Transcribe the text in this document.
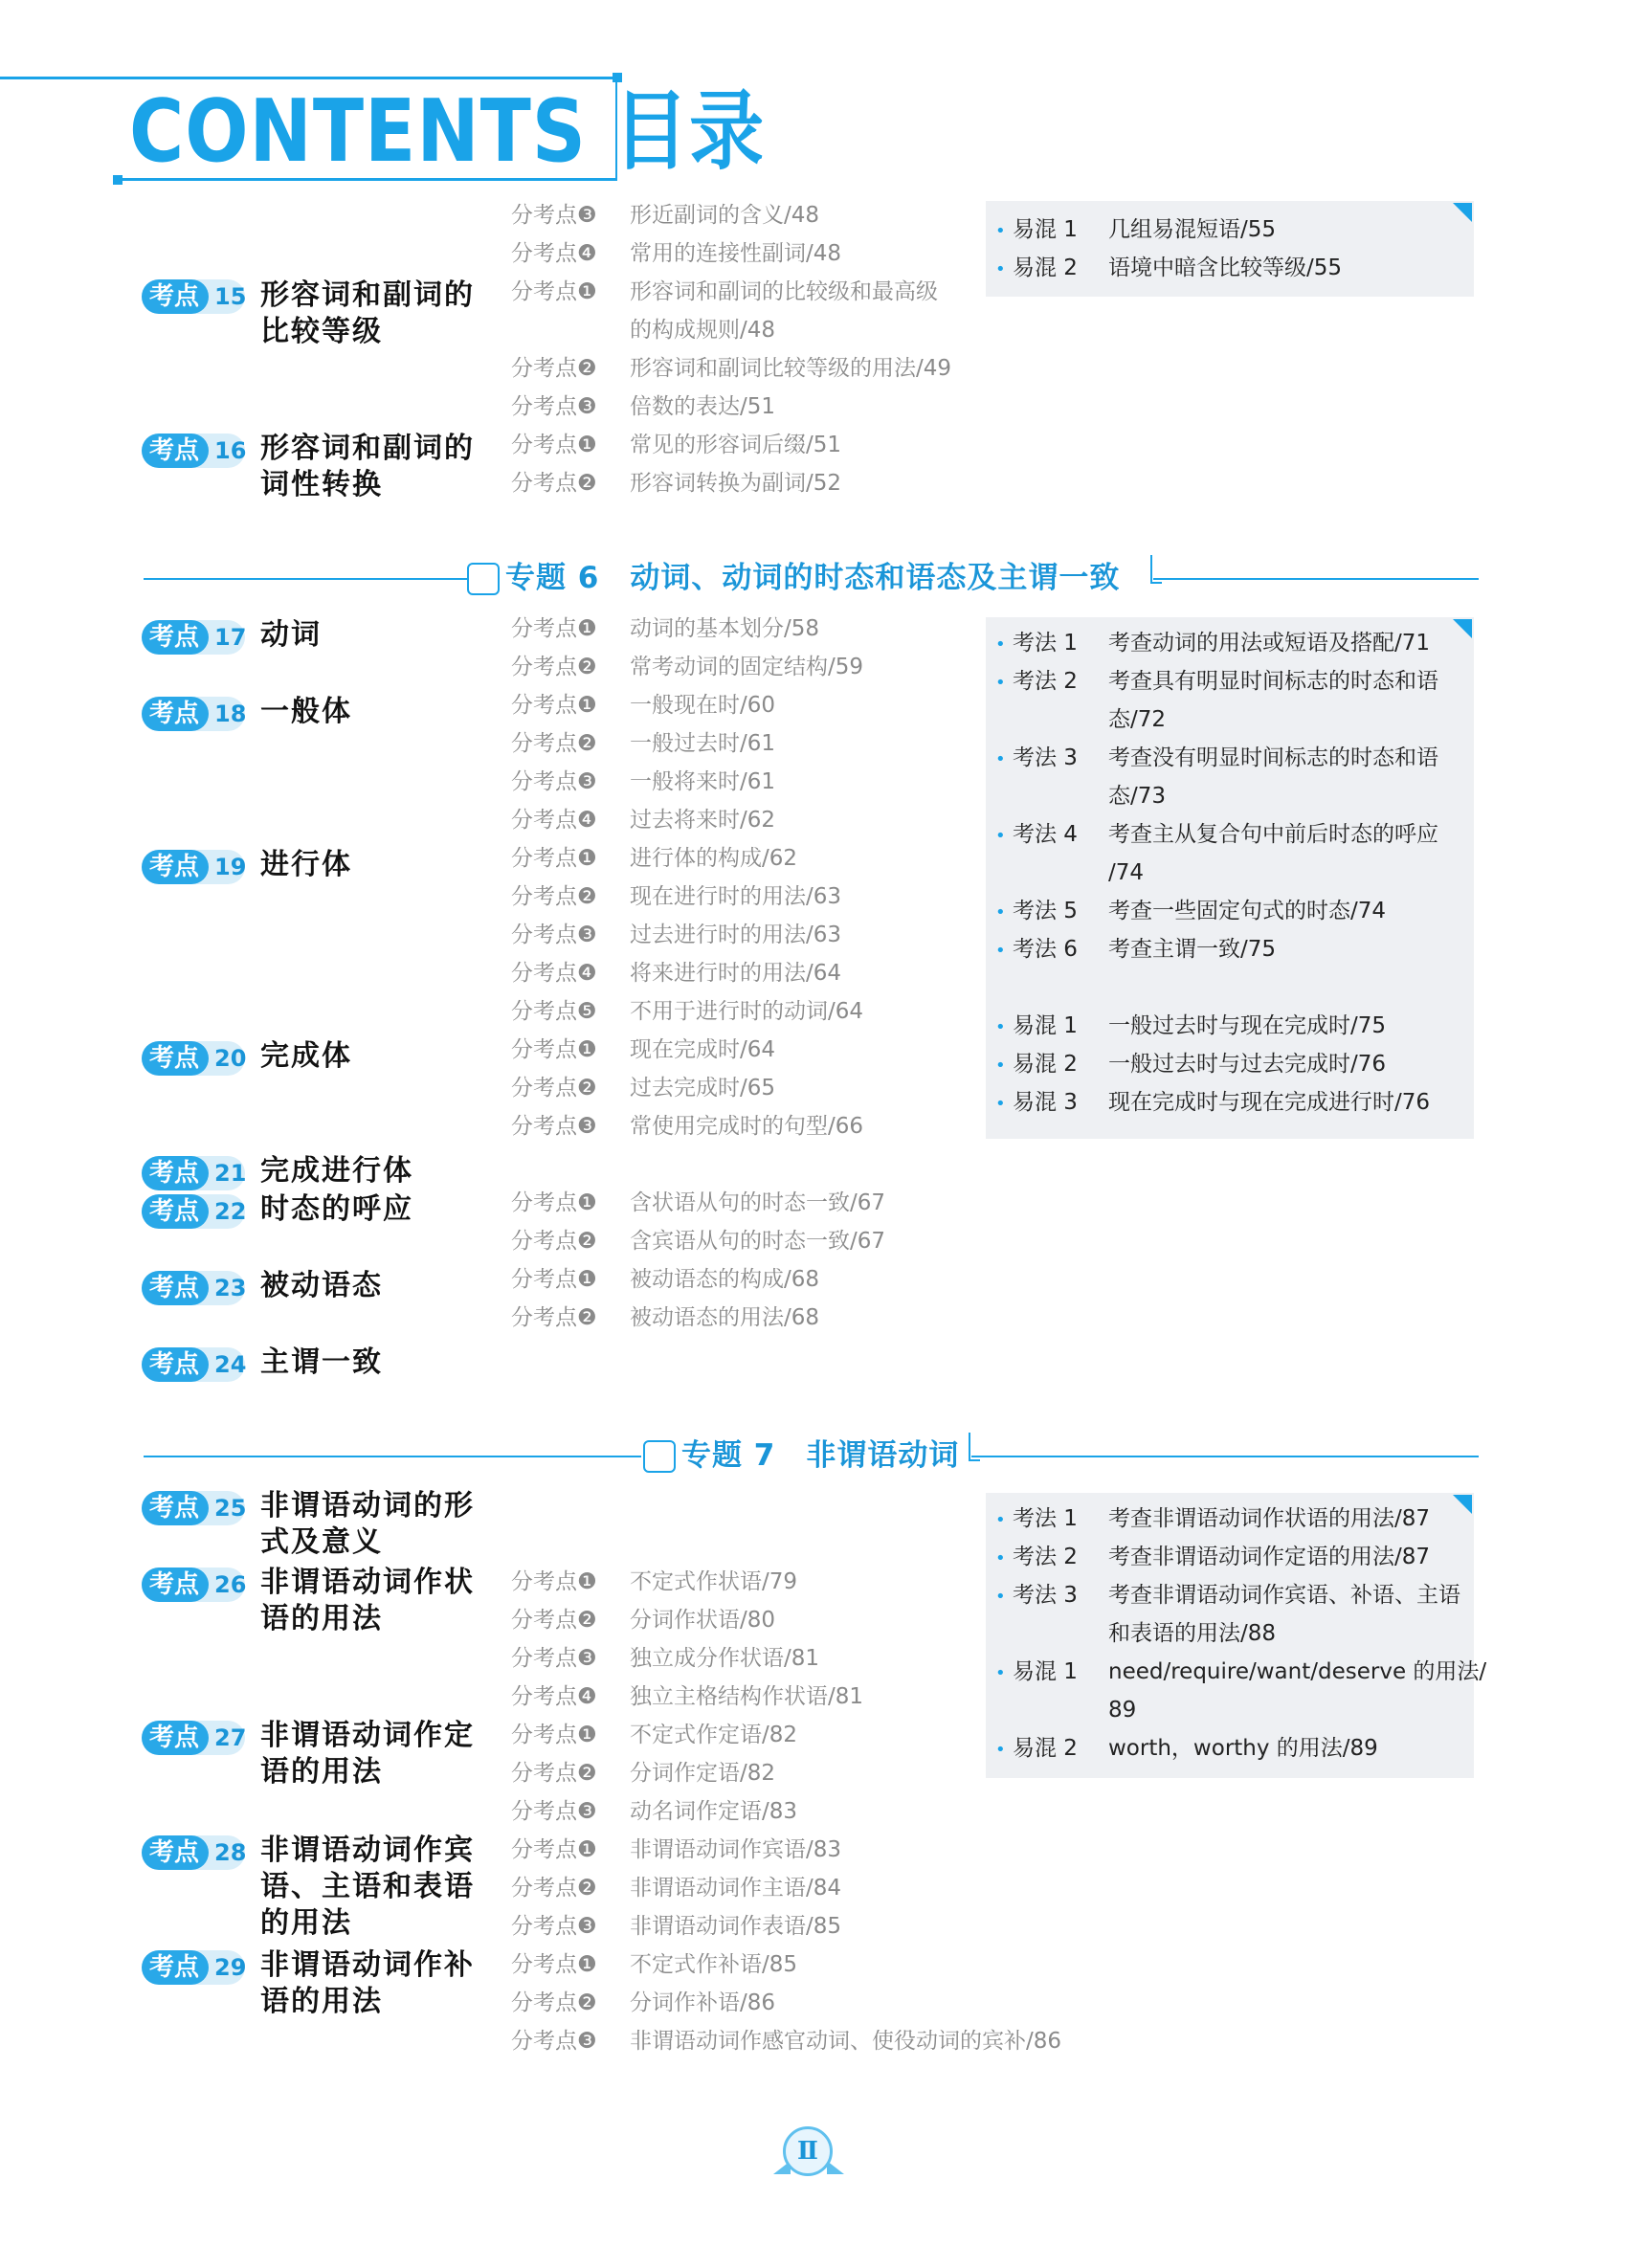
CONTENTS 目录
分考点❸ 形近副词的含义/48
分考点❹ 常用的连接性副词/48
分考点❶ 形容词和副词的比较级和最高级
的构成规则/48
分考点❷ 形容词和副词比较等级的用法/49
分考点❸ 倍数的表达/51
分考点❶ 常见的形容词后缀/51
分考点❷ 形容词转换为副词/52
考点 15 形容词和副词的比较等级
考点 16 形容词和副词的词性转换
• 易混 1 几组易混短语/55
• 易混 2 语境中暗含比较等级/55
专题 6　动词、动词的时态和语态及主谓一致
考点 17 动词
考点 18 一般体
考点 19 进行体
考点 20 完成体
考点 21 完成进行体
考点 22 时态的呼应
考点 23 被动语态
考点 24 主谓一致
分考点❶ 动词的基本划分/58
分考点❷ 常考动词的固定结构/59
分考点❶ 一般现在时/60
分考点❷ 一般过去时/61
分考点❸ 一般将来时/61
分考点❹ 过去将来时/62
分考点❶ 进行体的构成/62
分考点❷ 现在进行时的用法/63
分考点❸ 过去进行时的用法/63
分考点❹ 将来进行时的用法/64
分考点❺ 不用于进行时的动词/64
分考点❶ 现在完成时/64
分考点❷ 过去完成时/65
分考点❸ 常使用完成时的句型/66
分考点❶ 含状语从句的时态一致/67
分考点❷ 含宾语从句的时态一致/67
分考点❶ 被动语态的构成/68
分考点❷ 被动语态的用法/68
• 考法 1 考查动词的用法或短语及搭配/71
• 考法 2 考查具有明显时间标志的时态和语
态/72
• 考法 3 考查没有明显时间标志的时态和语
态/73
• 考法 4 考查主从复合句中前后时态的呼应
/74
• 考法 5 考查一些固定句式的时态/74
• 考法 6 考查主谓一致/75
• 易混 1 一般过去时与现在完成时/75
• 易混 2 一般过去时与过去完成时/76
• 易混 3 现在完成时与现在完成进行时/76
专题 7　非谓语动词
考点 25 非谓语动词的形式及意义
考点 26 非谓语动词作状语的用法
考点 27 非谓语动词作定语的用法
考点 28 非谓语动词作宾语、主语和表语的用法
考点 29 非谓语动词作补语的用法
分考点❶ 不定式作状语/79
分考点❷ 分词作状语/80
分考点❸ 独立成分作状语/81
分考点❹ 独立主格结构作状语/81
分考点❶ 不定式作定语/82
分考点❷ 分词作定语/82
分考点❸ 动名词作定语/83
分考点❶ 非谓语动词作宾语/83
分考点❷ 非谓语动词作主语/84
分考点❸ 非谓语动词作表语/85
分考点❶ 不定式作补语/85
分考点❷ 分词作补语/86
分考点❸ 非谓语动词作感官动词、使役动词的宾补/86
• 考法 1 考查非谓语动词作状语的用法/87
• 考法 2 考查非谓语动词作定语的用法/87
• 考法 3 考查非谓语动词作宾语、补语、主语
和表语的用法/88
• 易混 1 need/require/want/deserve 的用法/
89
• 易混 2 worth，worthy 的用法/89
Ⅱ
